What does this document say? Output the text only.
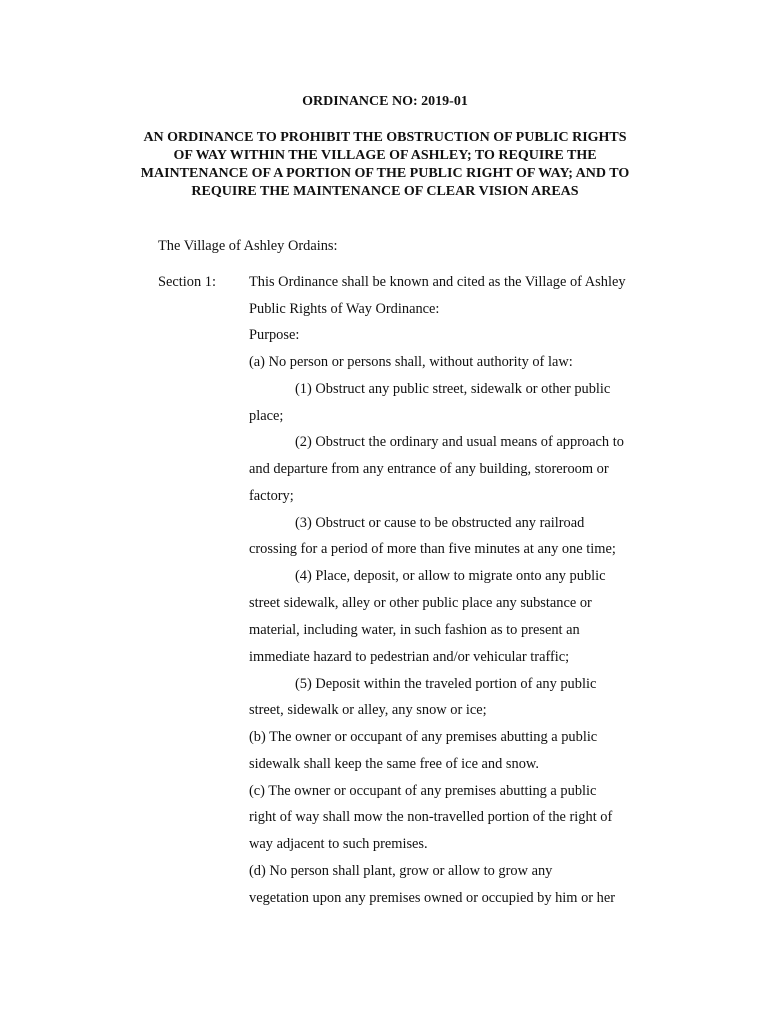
ORDINANCE NO: 2019-01
AN ORDINANCE TO PROHIBIT THE OBSTRUCTION OF PUBLIC RIGHTS
OF WAY WITHIN THE VILLAGE OF ASHLEY; TO REQUIRE THE
MAINTENANCE OF A PORTION OF THE PUBLIC RIGHT OF WAY; AND TO
REQUIRE THE MAINTENANCE OF CLEAR VISION AREAS
The Village of Ashley Ordains:
Section 1: This Ordinance shall be known and cited as the Village of Ashley
Public Rights of Way Ordinance:
Purpose:
(a) No person or persons shall, without authority of law:
(1) Obstruct any public street, sidewalk or other public
place;
(2) Obstruct the ordinary and usual means of approach to
and departure from any entrance of any building, storeroom or
factory;
(3) Obstruct or cause to be obstructed any railroad
crossing for a period of more than five minutes at any one time;
(4) Place, deposit, or allow to migrate onto any public
street sidewalk, alley or other public place any substance or
material, including water, in such fashion as to present an
immediate hazard to pedestrian and/or vehicular traffic;
(5) Deposit within the traveled portion of any public
street, sidewalk or alley, any snow or ice;
(b) The owner or occupant of any premises abutting a public
sidewalk shall keep the same free of ice and snow.
(c) The owner or occupant of any premises abutting a public
right of way shall mow the non-travelled portion of the right of
way adjacent to such premises.
(d) No person shall plant, grow or allow to grow any
vegetation upon any premises owned or occupied by him or her
